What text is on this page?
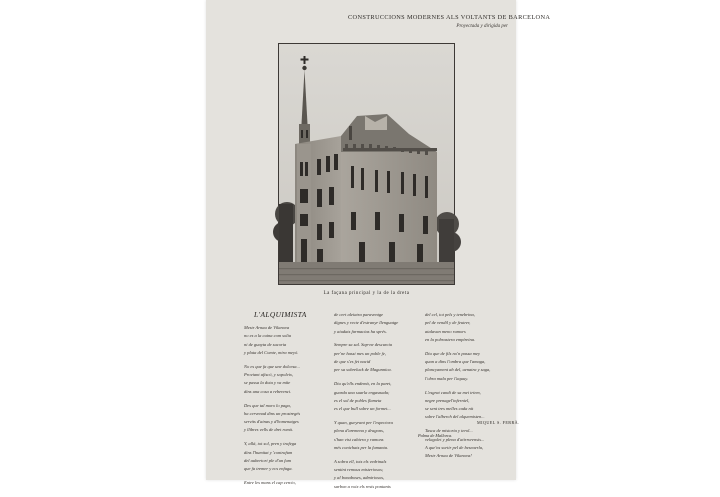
CONSTRUCCIONS MODERNES ALS VOLTANTS DE BARCELONA
Proyectada y dirigida per
La façana principal y la de la dreta
L'ALQUIMISTA
Mestr Arnau de Vilanova
no es a la cuina com solia
ni de guayta de sucoria
y plata del Comte, mira meyó.
No es que fa que une dolcesa...
Proviant afiscó, y sopoleix,
se passa la dota y va míte
dins una cosa a reberenci.
Des que tal moro lo paga,
ha cervenad dins un prostregés
servits d'ainas y d'homenatges
y llibres vells de dret romà.
Y, allá, tot sol, pren y trafega
dins l'humitat y 'contrafum
del aubertori ple d'un fum
que fa tremer y ecs enfaga.
Entre les mans el cap cercio,
de cert aleiatra paraventge
dignes y recte d'estranyr llenguatge
y aiudats farmacias ha sprés.
Sempre sa sal. Sap-ne descurcia
per'ne hassi mes un poble fe,
de que s'es fet nacid
per sa sobreluck de Magunnica.
Diu qu'ells endemà, en la paret,
guarda una suarla engasnada;
es el sol de pobles flameta
es el que bull sobre un formet...
Y quan, gueyrant per l'espectora
plena d'aremena y dragons,
s'han vist cabiera y ramons
més conichats per la fumanta.
A sobra ell, tots els vedrinals
sentint remous misteriosos;
y al bonaboses, admiriosos,
sarbon a voix els resis pontanis
del cel, tot pels y tenebrina,
pel de vendil y de feutrer,
atalavan meno rumors
en la pobrastera empíreina.
Diu que de fils no'n passa mey
quan a dins l'ombra que l'amaga,
plancyament ab del, uenatra y saga,
l'obra mala per l'aquuy.
L'esgrat candi de sa mei triem,
negre prenagel'inferniel,
se sent tres melles cada nit
sobre l'alberch del alquemisten...
Tasca de mistoria y terol...
velagolet y plena d'atirrorensis...
A que'ns sortir pel de beseaerla,
Mestr Arnau de Vilanova!
MIQUEL S. FERRÀ.
Palma de Mallorca.
